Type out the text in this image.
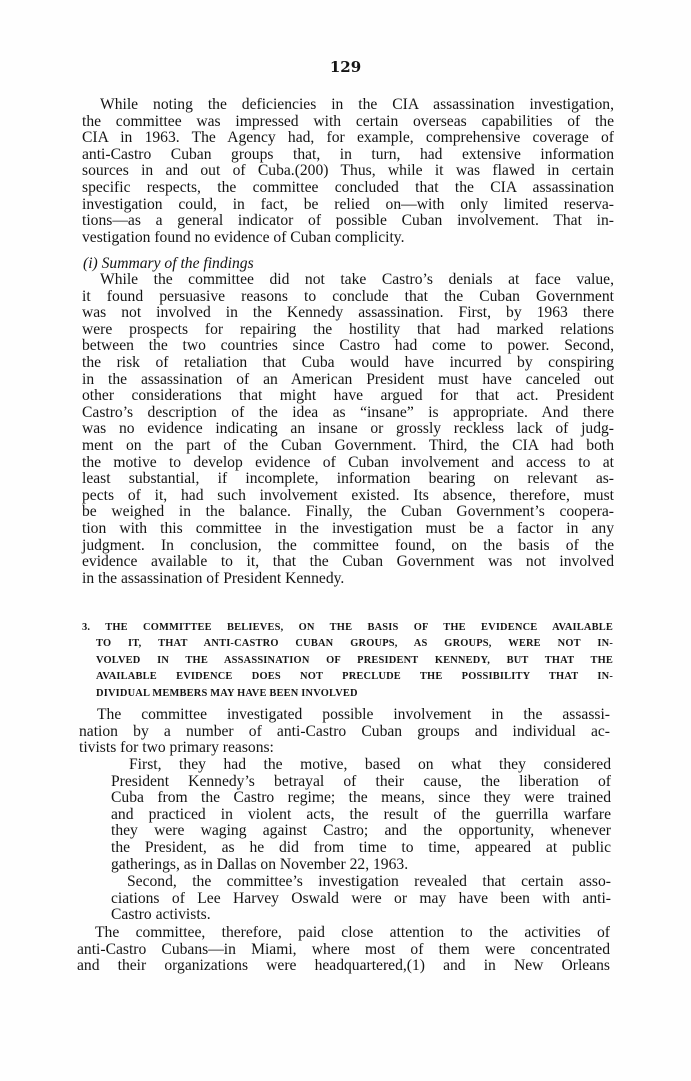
129
While noting the deficiencies in the CIA assassination investigation,
the committee was impressed with certain overseas capabilities of the
CIA in 1963. The Agency had, for example, comprehensive coverage of
anti-Castro Cuban groups that, in turn, had extensive information
sources in and out of Cuba.(200) Thus, while it was flawed in certain
specific respects, the committee concluded that the CIA assassination
investigation could, in fact, be relied on—with only limited reserva-
tions—as a general indicator of possible Cuban involvement. That in-
vestigation found no evidence of Cuban complicity.
(i) Summary of the findings
While the committee did not take Castro’s denials at face value,
it found persuasive reasons to conclude that the Cuban Government
was not involved in the Kennedy assassination. First, by 1963 there
were prospects for repairing the hostility that had marked relations
between the two countries since Castro had come to power. Second,
the risk of retaliation that Cuba would have incurred by conspiring
in the assassination of an American President must have canceled out
other considerations that might have argued for that act. President
Castro’s description of the idea as “insane” is appropriate. And there
was no evidence indicating an insane or grossly reckless lack of judg-
ment on the part of the Cuban Government. Third, the CIA had both
the motive to develop evidence of Cuban involvement and access to at
least substantial, if incomplete, information bearing on relevant as-
pects of it, had such involvement existed. Its absence, therefore, must
be weighed in the balance. Finally, the Cuban Government’s coopera-
tion with this committee in the investigation must be a factor in any
judgment. In conclusion, the committee found, on the basis of the
evidence available to it, that the Cuban Government was not involved
in the assassination of President Kennedy.
3. THE COMMITTEE BELIEVES, ON THE BASIS OF THE EVIDENCE AVAILABLE
TO IT, THAT ANTI-CASTRO CUBAN GROUPS, AS GROUPS, WERE NOT IN-
VOLVED IN THE ASSASSINATION OF PRESIDENT KENNEDY, BUT THAT THE
AVAILABLE EVIDENCE DOES NOT PRECLUDE THE POSSIBILITY THAT IN-
DIVIDUAL MEMBERS MAY HAVE BEEN INVOLVED
The committee investigated possible involvement in the assassi-
nation by a number of anti-Castro Cuban groups and individual ac-
tivists for two primary reasons:
First, they had the motive, based on what they considered
President Kennedy’s betrayal of their cause, the liberation of
Cuba from the Castro regime; the means, since they were trained
and practiced in violent acts, the result of the guerrilla warfare
they were waging against Castro; and the opportunity, whenever
the President, as he did from time to time, appeared at public
gatherings, as in Dallas on November 22, 1963.
Second, the committee’s investigation revealed that certain asso-
ciations of Lee Harvey Oswald were or may have been with anti-
Castro activists.
The committee, therefore, paid close attention to the activities of
anti-Castro Cubans—in Miami, where most of them were concentrated
and their organizations were headquartered,(1) and in New Orleans
